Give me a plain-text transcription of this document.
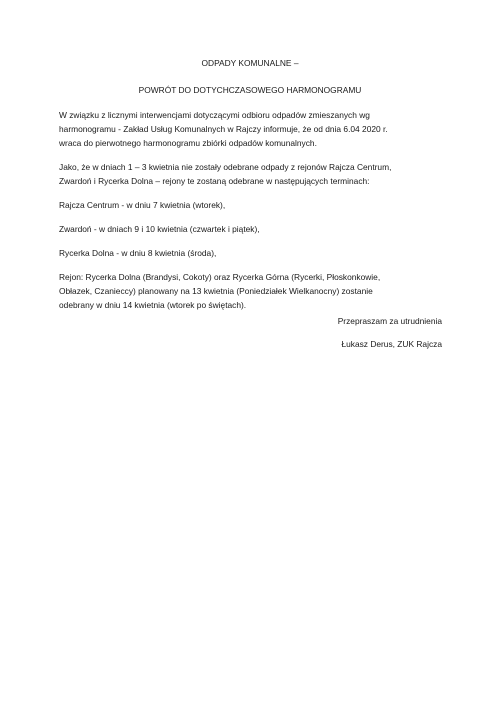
ODPADY KOMUNALNE –
POWRÓT DO DOTYCHCZASOWEGO HARMONOGRAMU

W związku z licznymi interwencjami dotyczącymi odbioru odpadów zmieszanych wg
harmonogramu - Zakład Usług Komunalnych w Rajczy informuje, że od dnia 6.04 2020 r.
wraca do pierwotnego harmonogramu zbiórki odpadów komunalnych.

Jako, że w dniach 1 – 3 kwietnia nie zostały odebrane odpady z rejonów Rajcza Centrum,
Zwardoń i Rycerka Dolna – rejony te zostaną odebrane w następujących terminach:

Rajcza Centrum - w dniu 7 kwietnia (wtorek),

Zwardoń - w dniach 9 i 10 kwietnia (czwartek i piątek),

Rycerka Dolna - w dniu 8 kwietnia (środa),

Rejon: Rycerka Dolna (Brandysi, Cokoty) oraz Rycerka Górna (Rycerki, Płoskonkowie,
Obłazek, Czanieccy) planowany na 13 kwietnia (Poniedziałek Wielkanocny) zostanie
odebrany w dniu 14 kwietnia (wtorek po świętach).

Przepraszam za utrudnienia
Łukasz Derus, ZUK Rajcza
